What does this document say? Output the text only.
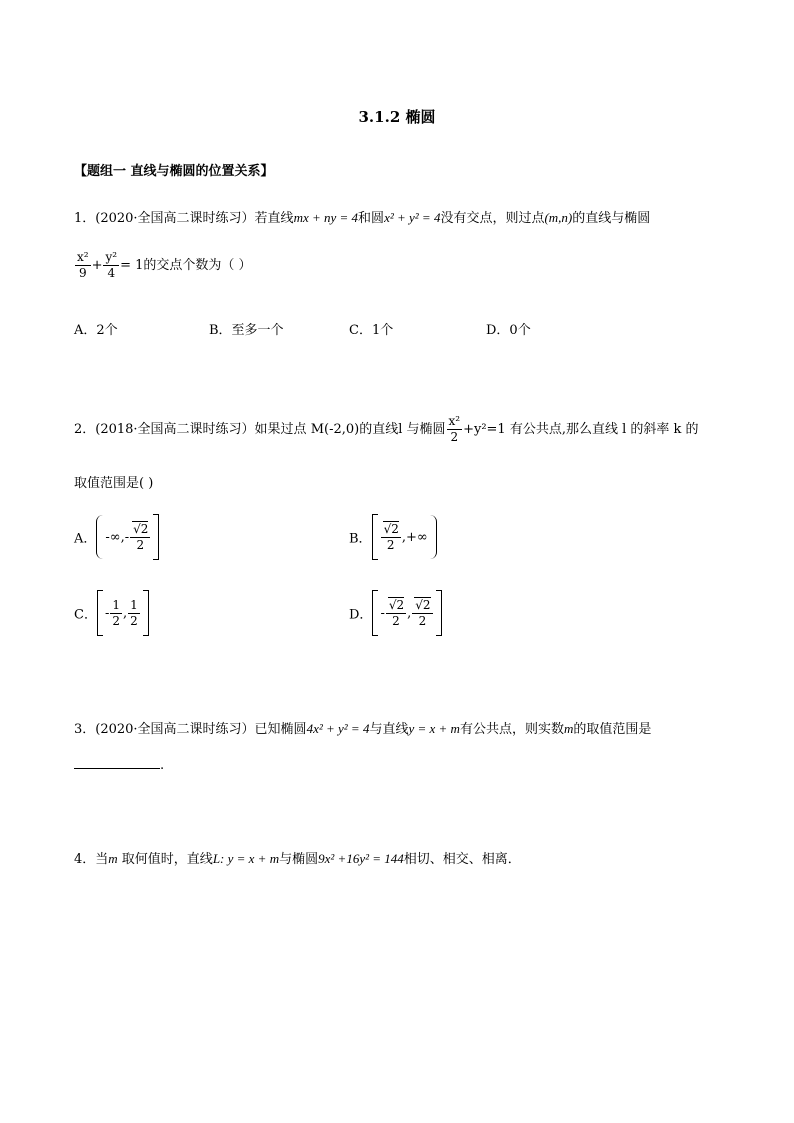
3.1.2 椭圆
【题组一 直线与椭圆的位置关系】
1．(2020·全国高二课时练习）若直线mx + ny = 4和圆x² + y² = 4没有交点，则过点(m,n)的直线与椭圆
$\frac{\text{x²}}{9} + \frac{\text{y²}}{4} = 1$的交点个数为（ ）
A．2个	B．至多一个	C．1个	D．0个
2．(2018·全国高二课时练习）如果过点 M(-2,0)的直线l 与椭圆 $\frac{\text{x²}}{2} +y^2=1$ 有公共点,那么直线 l 的斜率 k 的
取值范围是( )
A． -∞,- $\frac{√2}{2}$	B． $\frac{√2}{2}$ ,+∞
C． - $\frac{1}{2}$ , $\frac{1}{2}$	D． - $\frac{√2}{2}$ , $\frac{√2}{2}$
3．(2020·全国高二课时练习）已知椭圆4x² + y² = 4与直线y = x + m有公共点，则实数m的取值范围是
.
4．当m 取何值时，直线L: y = x + m与椭圆9x² +16y² = 144相切、相交、相离．
